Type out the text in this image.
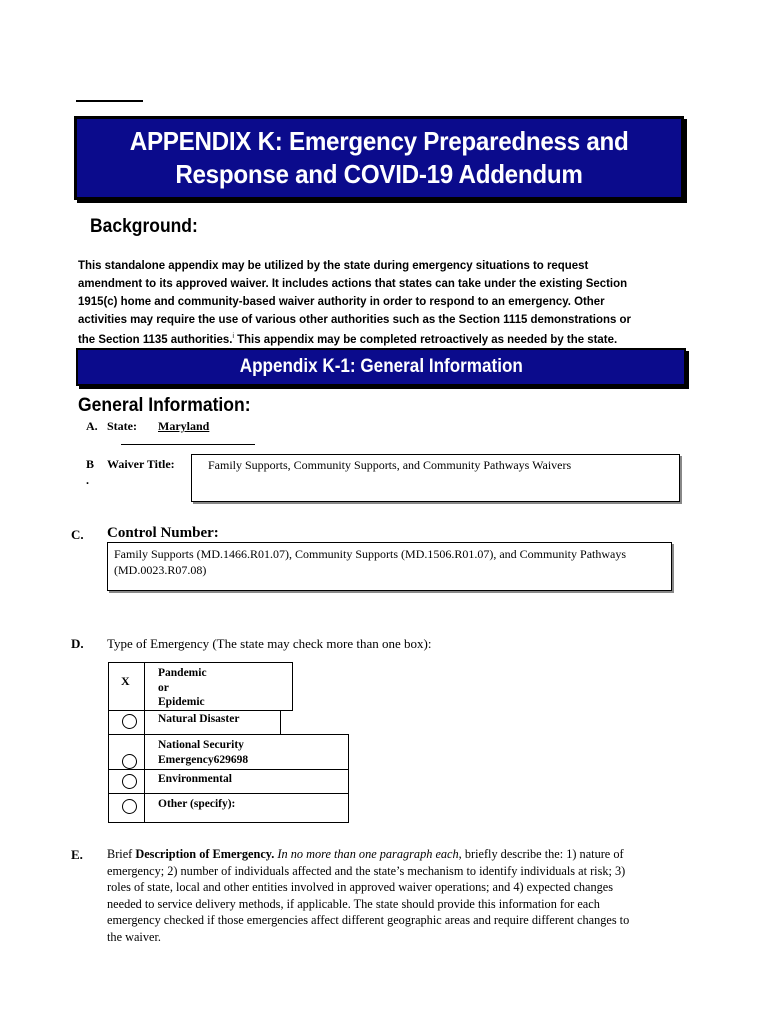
APPENDIX K: Emergency Preparedness and
Response and COVID-19 Addendum
Background:
This standalone appendix may be utilized by the state during emergency situations to request
amendment to its approved waiver. It includes actions that states can take under the existing Section
1915(c) home and community-based waiver authority in order to respond to an emergency. Other
activities may require the use of various other authorities such as the Section 1115 demonstrations or
the Section 1135 authorities.$^i$ This appendix may be completed retroactively as needed by the state.
Appendix K-1: General Information
General Information:
A. State: Maryland
B
.
Waiver Title:	Family Supports, Community Supports, and Community Pathways Waivers
C. Control Number:
Family Supports (MD.1466.R01.07), Community Supports (MD.1506.R01.07), and Community Pathways
(MD.0023.R07.08)
D. Type of Emergency (The state may check more than one box):
X
Pandemic
or
Epidemic
Natural Disaster
National Security
Emergency629698
Environmental
Other (specify):
E. Brief Description of Emergency. In no more than one paragraph each, briefly describe the: 1) nature of
emergency; 2) number of individuals affected and the state’s mechanism to identify individuals at risk; 3)
roles of state, local and other entities involved in approved waiver operations; and 4) expected changes
needed to service delivery methods, if applicable. The state should provide this information for each
emergency checked if those emergencies affect different geographic areas and require different changes to
the waiver.
